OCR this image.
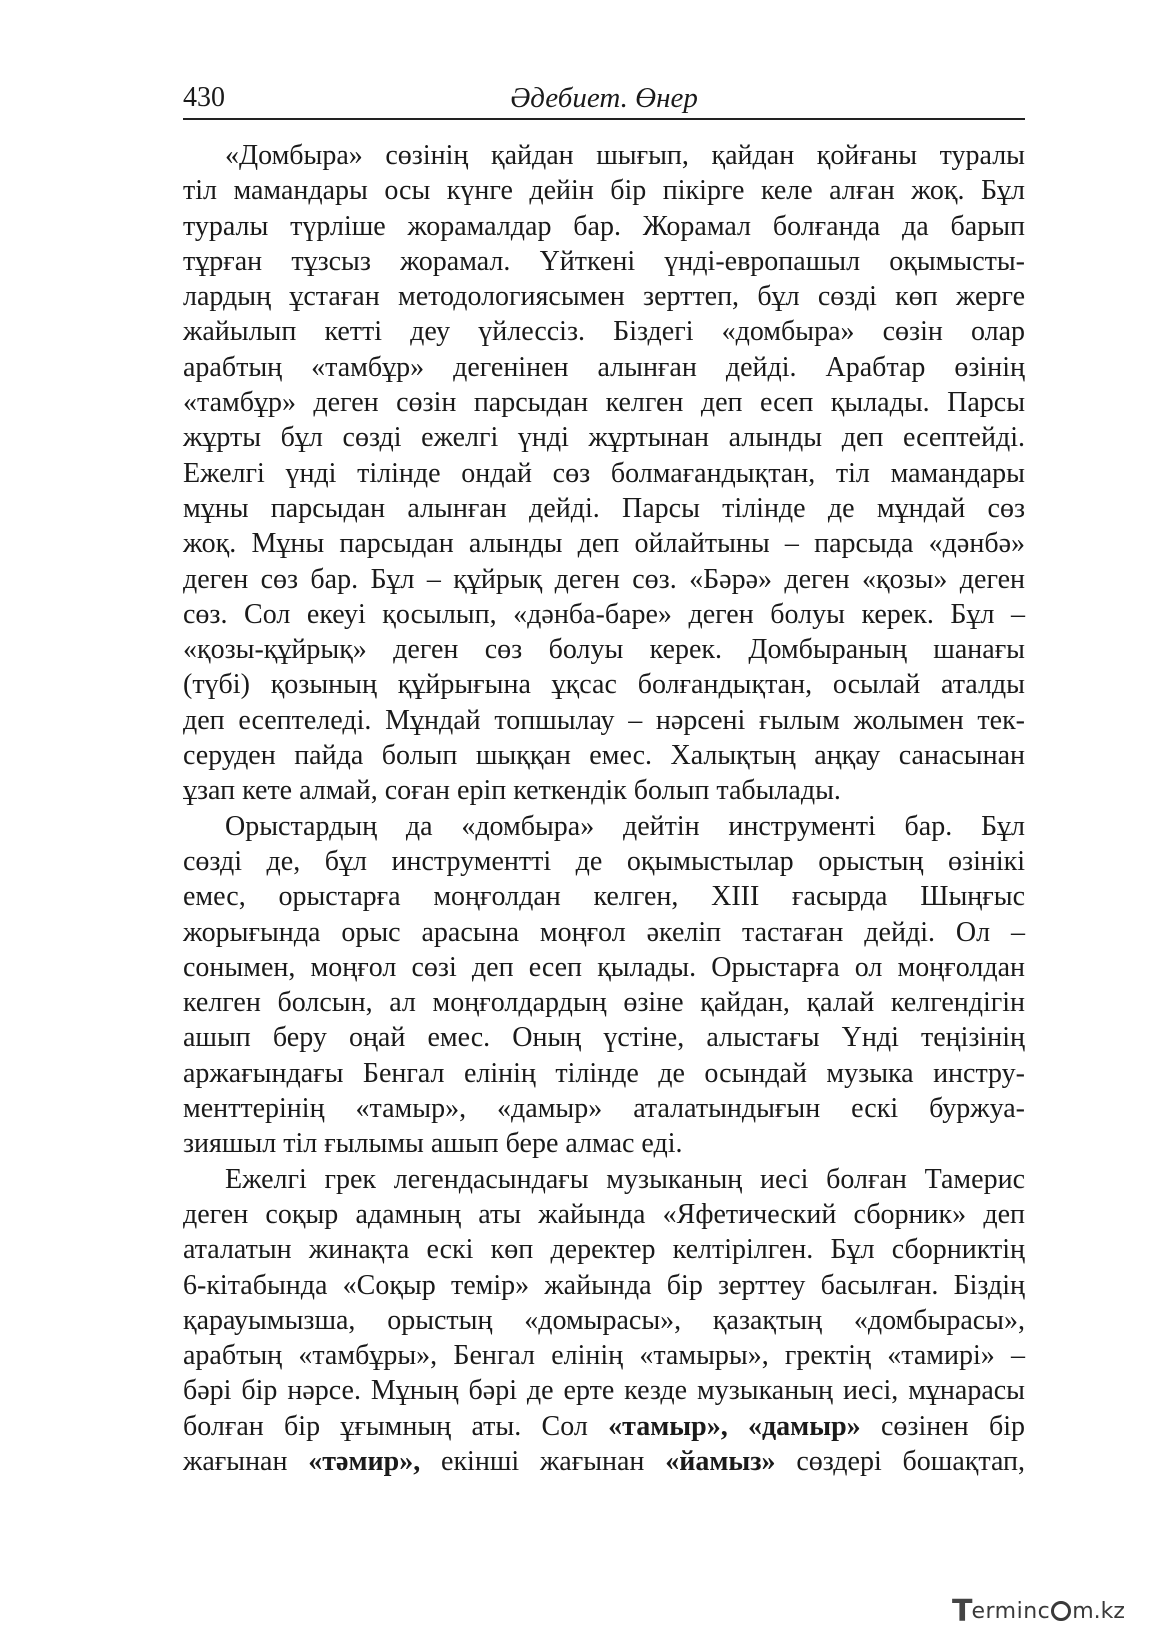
430	Әдебиет. Өнер
«Домбыра» сөзінің қайдан шығып, қайдан қойғаны туралы
тіл мамандары осы күнге дейін бір пікірге келе алған жоқ. Бұл
туралы түрліше жорамалдар бар. Жорамал болғанда да барып
тұрған тұзсыз жорамал. Үйткені үнді-европашыл оқымысты-
лардың ұстаған методологиясымен зерттеп, бұл сөзді көп жерге
жайылып кетті деу үйлессіз. Біздегі «домбыра» сөзін олар
арабтың «тамбұр» дегенінен алынған дейді. Арабтар өзінің
«тамбұр» деген сөзін парсыдан келген деп есеп қылады. Парсы
жұрты бұл сөзді ежелгі үнді жұртынан алынды деп есептейді.
Ежелгі үнді тілінде ондай сөз болмағандықтан, тіл мамандары
мұны парсыдан алынған дейді. Парсы тілінде де мұндай сөз
жоқ. Мұны парсыдан алынды деп ойлайтыны – парсыда «дәнбә»
деген сөз бар. Бұл – құйрық деген сөз. «Бәрә» деген «қозы» деген
сөз. Сол екеуі қосылып, «дәнба-баре» деген болуы керек. Бұл –
«қозы-құйрық» деген сөз болуы керек. Домбыраның шанағы
(түбі) қозының құйрығына ұқсас болғандықтан, осылай аталды
деп есептеледі. Мұндай топшылау – нәрсені ғылым жолымен тек-
серуден пайда болып шыққан емес. Халықтың аңқау санасынан
ұзап кете алмай, соған еріп кеткендік болып табылады.
Орыстардың да «домбыра» дейтін инструменті бар. Бұл
сөзді де, бұл инструментті де оқымыстылар орыстың өзінікі
емес, орыстарға моңғолдан келген, XIII ғасырда Шыңғыс
жорығында орыс арасына моңғол әкеліп тастаған дейді. Ол –
сонымен, моңғол сөзі деп есеп қылады. Орыстарға ол моңғолдан
келген болсын, ал моңғолдардың өзіне қайдан, қалай келгендігін
ашып беру оңай емес. Оның үстіне, алыстағы Үнді теңізінің
аржағындағы Бенгал елінің тілінде де осындай музыка инстру-
менттерінің «тамыр», «дамыр» аталатындығын ескі буржуа-
зияшыл тіл ғылымы ашып бере алмас еді.
Ежелгі грек легендасындағы музыканың иесі болған Тамерис
деген соқыр адамның аты жайында «Яфетический сборник» деп
аталатын жинақта ескі көп деректер келтірілген. Бұл сборниктің
6-кітабында «Соқыр темір» жайында бір зерттеу басылған. Біздің
қарауымызша, орыстың «домырасы», қазақтың «домбырасы»,
арабтың «тамбұры», Бенгал елінің «тамыры», гректің «тамирі» –
бәрі бір нәрсе. Мұның бәрі де ерте кезде музыканың иесі, мұнарасы
болған бір ұғымның аты. Сол «тамыр», «дамыр» сөзінен бір
жағынан «тәмир», екінші жағынан «йамыз» сөздері бошақтап,
T erminc m.kz
